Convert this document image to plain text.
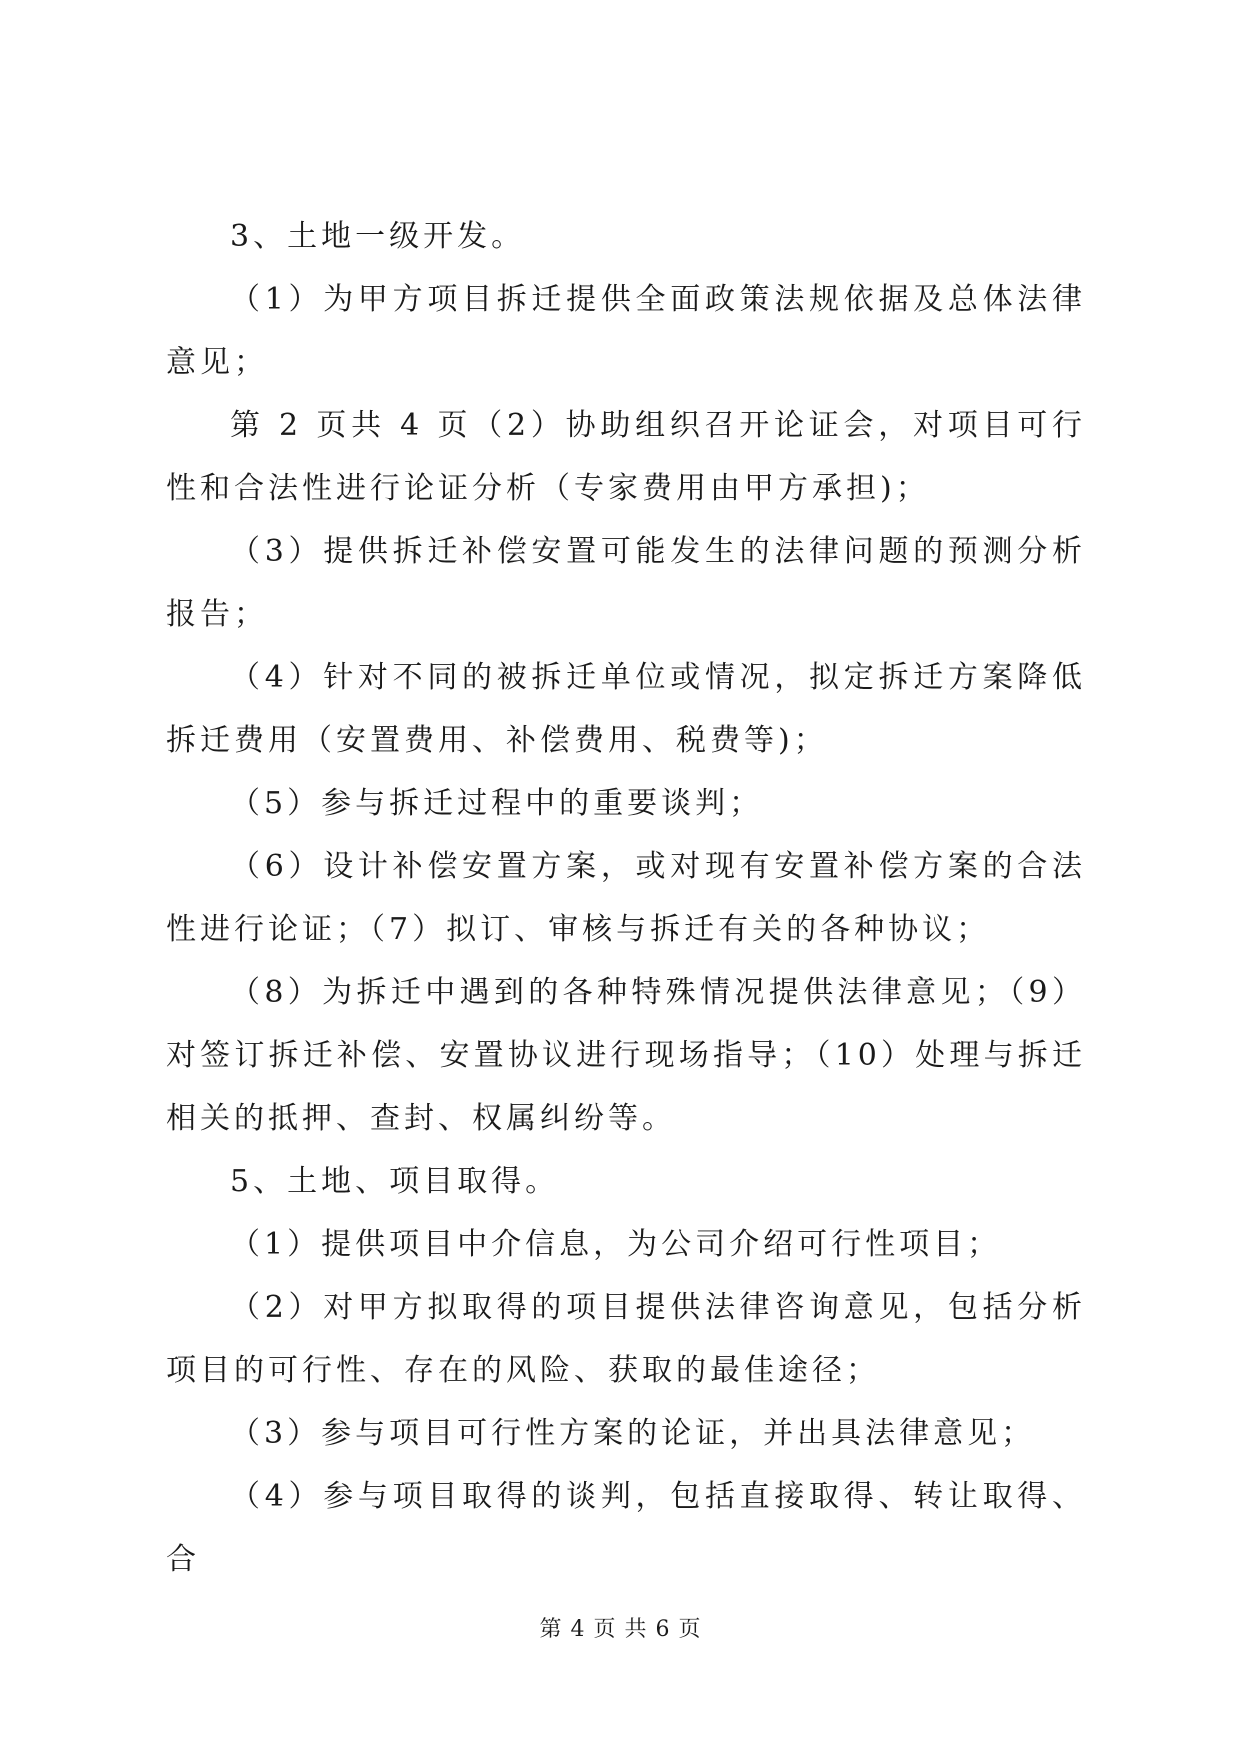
3、土地一级开发。

（1）为甲方项目拆迁提供全面政策法规依据及总体法律意见；

第 2 页共 4 页（2）协助组织召开论证会，对项目可行性和合法性进行论证分析（专家费用由甲方承担)；

（3）提供拆迁补偿安置可能发生的法律问题的预测分析报告；

（4）针对不同的被拆迁单位或情况，拟定拆迁方案降低拆迁费用（安置费用、补偿费用、税费等)；

（5）参与拆迁过程中的重要谈判；

（6）设计补偿安置方案，或对现有安置补偿方案的合法性进行论证；（7）拟订、审核与拆迁有关的各种协议；

（8）为拆迁中遇到的各种特殊情况提供法律意见；（9）对签订拆迁补偿、安置协议进行现场指导；（10）处理与拆迁相关的抵押、查封、权属纠纷等。

5、土地、项目取得。

（1）提供项目中介信息，为公司介绍可行性项目；

（2）对甲方拟取得的项目提供法律咨询意见，包括分析项目的可行性、存在的风险、获取的最佳途径；

（3）参与项目可行性方案的论证，并出具法律意见；

（4）参与项目取得的谈判，包括直接取得、转让取得、合

第 4 页 共 6 页
